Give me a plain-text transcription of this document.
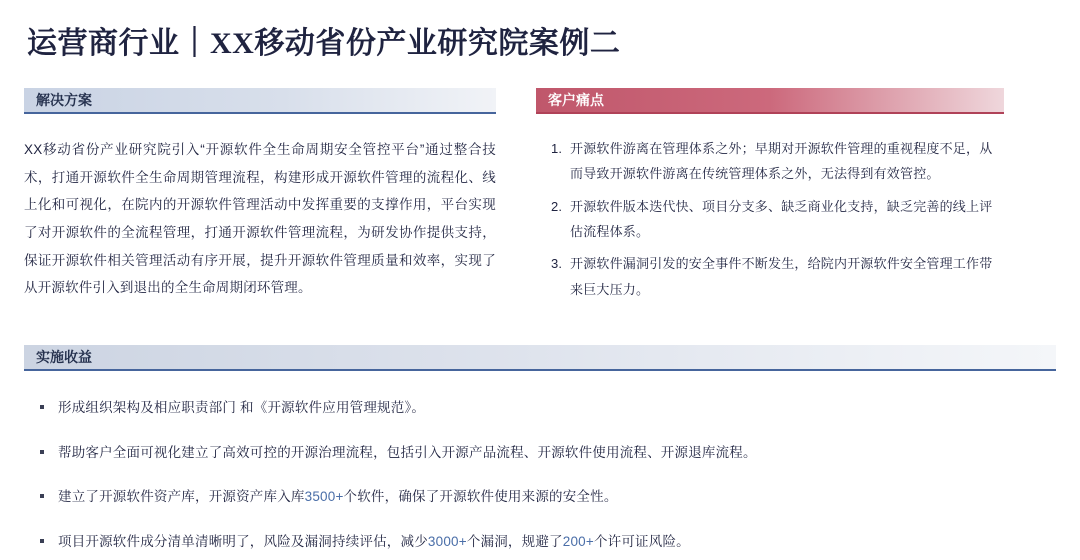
运营商行业｜XX移动省份产业研究院案例二
解决方案

XX移动省份产业研究院引入“开源软件全生命周期安全管控平台”通过整合技术，打通开源软件全生命周期管理流程，构建形成开源软件管理的流程化、线上化和可视化，在院内的开源软件管理活动中发挥重要的支撑作用，平台实现了对开源软件的全流程管理，打通开源软件管理流程，为研发协作提供支持，保证开源软件相关管理活动有序开展，提升开源软件管理质量和效率，实现了从开源软件引入到退出的全生命周期闭环管理。

客户痛点
1. 开源软件游离在管理体系之外；早期对开源软件管理的重视程度不足，从而导致开源软件游离在传统管理体系之外，无法得到有效管控。
2. 开源软件版本迭代快、项目分支多、缺乏商业化支持，缺乏完善的线上评估流程体系。
3. 开源软件漏洞引发的安全事件不断发生，给院内开源软件安全管理工作带来巨大压力。
实施收益
形成组织架构及相应职责部门 和《开源软件应用管理规范》。
帮助客户全面可视化建立了高效可控的开源治理流程，包括引入开源产品流程、开源软件使用流程、开源退库流程。
建立了开源软件资产库，开源资产库入库3500+个软件，确保了开源软件使用来源的安全性。
项目开源软件成分清单清晰明了，风险及漏洞持续评估，减少3000+个漏洞，规避了200+个许可证风险。
